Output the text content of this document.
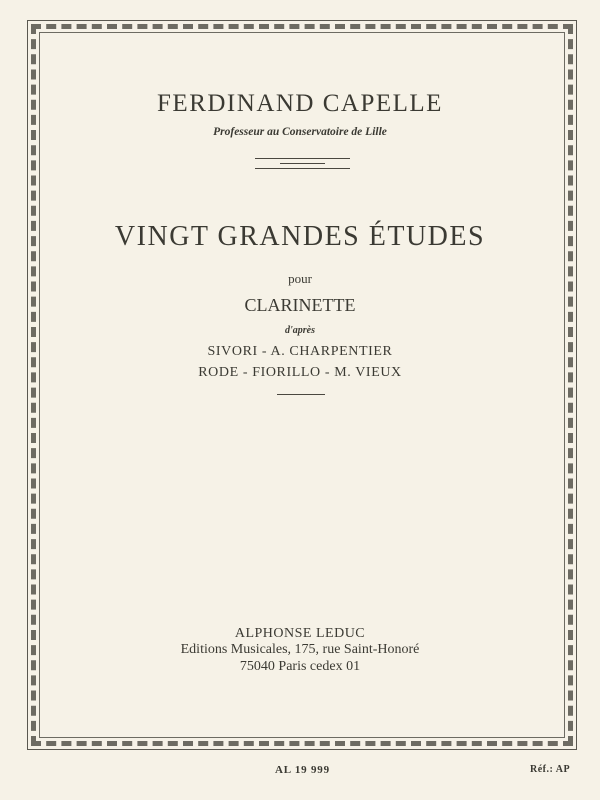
FERDINAND CAPELLE
Professeur au Conservatoire de Lille
VINGT GRANDES ÉTUDES
pour
CLARINETTE
d'après
SIVORI - A. CHARPENTIER
RODE - FIORILLO - M. VIEUX
ALPHONSE LEDUC
Editions Musicales, 175, rue Saint-Honoré
75040 Paris cedex 01
AL 19 999	Réf.: AP
